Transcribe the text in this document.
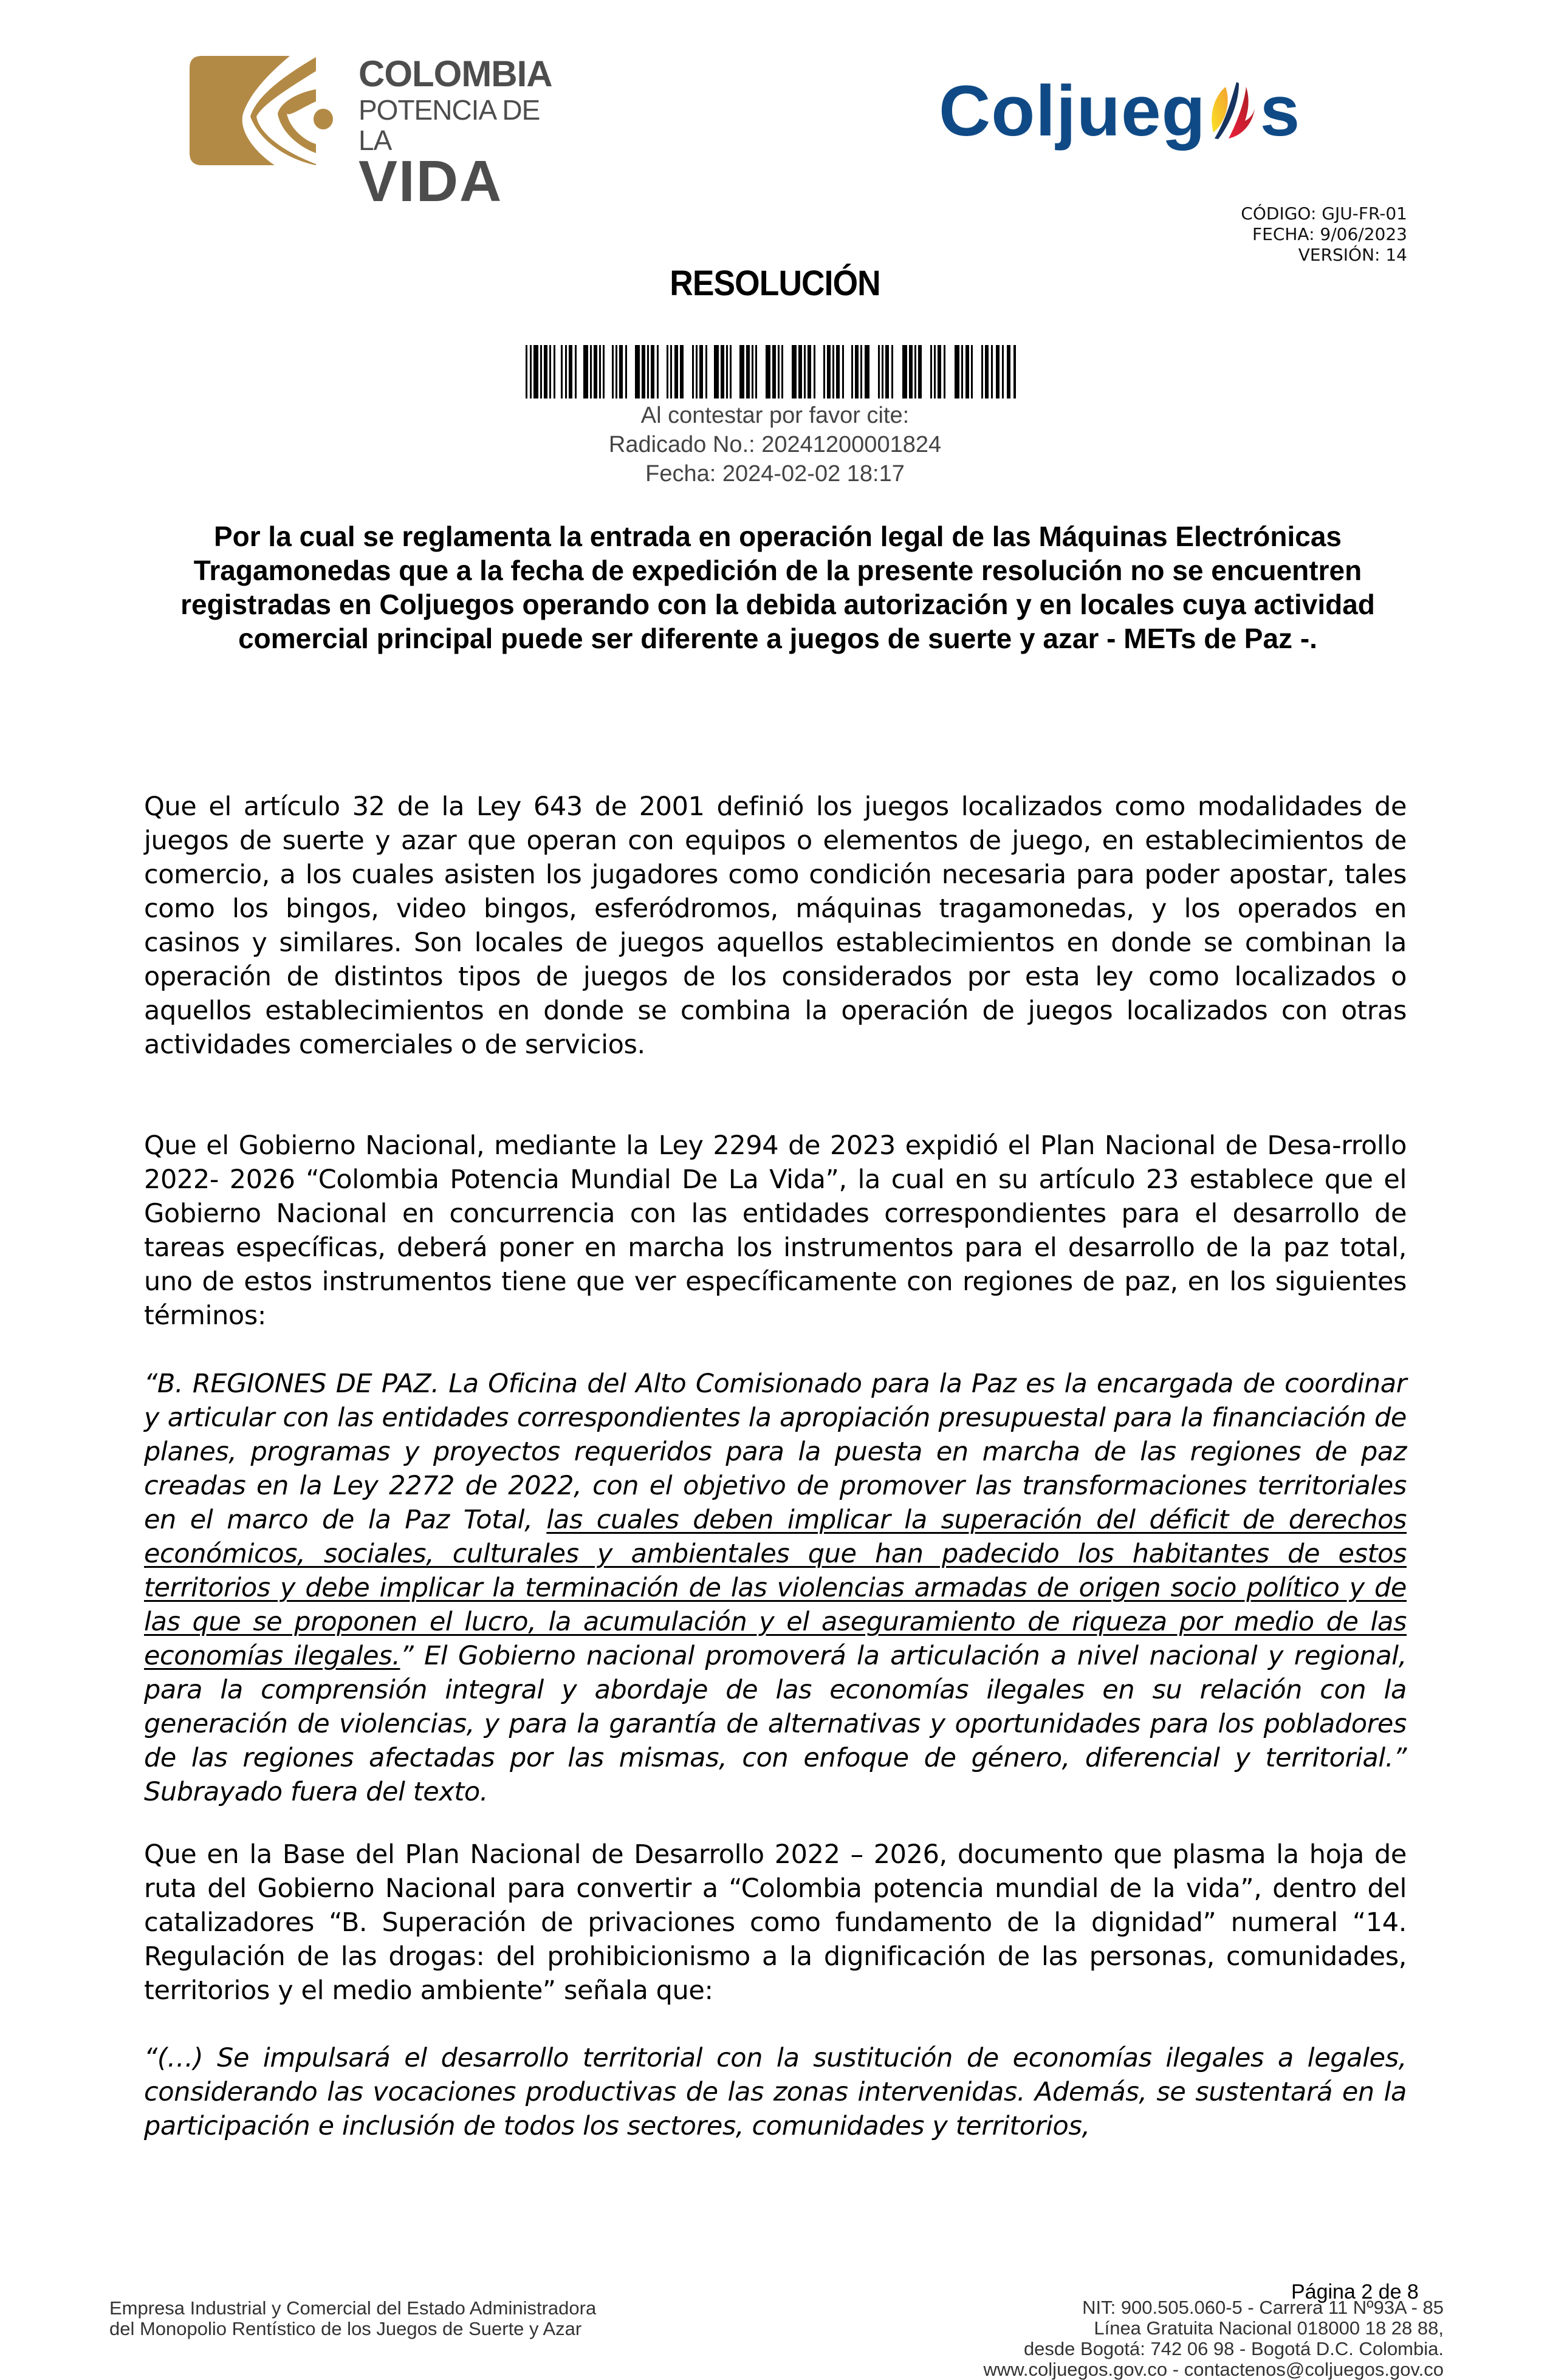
COLOMBIA
POTENCIA DE LA
VIDA
Coljueg s
CÓDIGO: GJU-FR-01
FECHA: 9/06/2023
VERSIÓN: 14
RESOLUCIÓN
Al contestar por favor cite:
Radicado No.: 20241200001824
Fecha: 2024-02-02 18:17
Por la cual se reglamenta la entrada en operación legal de las Máquinas Electrónicas Tragamonedas que a la fecha de expedición de la presente resolución no se encuentren registradas en Coljuegos operando con la debida autorización y en locales cuya actividad comercial principal puede ser diferente a juegos de suerte y azar - METs de Paz -.
Que el artículo 32 de la Ley 643 de 2001 definió los juegos localizados como modalidades de juegos de suerte y azar que operan con equipos o elementos de juego, en establecimientos de comercio, a los cuales asisten los jugadores como condición necesaria para poder apostar, tales como los bingos, video bingos, esferódromos, máquinas tragamonedas, y los operados en casinos y similares. Son locales de juegos aquellos establecimientos en donde se combinan la operación de distintos tipos de juegos de los considerados por esta ley como localizados o aquellos establecimientos en donde se combina la operación de juegos localizados con otras actividades comerciales o de servicios.
Que el Gobierno Nacional, mediante la Ley 2294 de 2023 expidió el Plan Nacional de Desa-rrollo 2022- 2026 “Colombia Potencia Mundial De La Vida”, la cual en su artículo 23 establece que el Gobierno Nacional en concurrencia con las entidades correspondientes para el desarrollo de tareas específicas, deberá poner en marcha los instrumentos para el desarrollo de la paz total, uno de estos instrumentos tiene que ver específicamente con regiones de paz, en los siguientes términos:
“B. REGIONES DE PAZ. La Oficina del Alto Comisionado para la Paz es la encargada de coordinar y articular con las entidades correspondientes la apropiación presupuestal para la financiación de planes, programas y proyectos requeridos para la puesta en marcha de las regiones de paz creadas en la Ley 2272 de 2022, con el objetivo de promover las transformaciones territoriales en el marco de la Paz Total, las cuales deben implicar la superación del déficit de derechos económicos, sociales, culturales y ambientales que han padecido los habitantes de estos territorios y debe implicar la terminación de las violencias armadas de origen socio político y de las que se proponen el lucro, la acumulación y el aseguramiento de riqueza por medio de las economías ilegales.” El Gobierno nacional promoverá la articulación a nivel nacional y regional, para la comprensión integral y abordaje de las economías ilegales en su relación con la generación de violencias, y para la garantía de alternativas y oportunidades para los pobladores de las regiones afectadas por las mismas, con enfoque de género, diferencial y territorial.” Subrayado fuera del texto.
Que en la Base del Plan Nacional de Desarrollo 2022 – 2026, documento que plasma la hoja de ruta del Gobierno Nacional para convertir a “Colombia potencia mundial de la vida”, dentro del catalizadores “B. Superación de privaciones como fundamento de la dignidad” numeral “14. Regulación de las drogas: del prohibicionismo a la dignificación de las personas, comunidades, territorios y el medio ambiente” señala que:
“(…) Se impulsará el desarrollo territorial con la sustitución de economías ilegales a legales, considerando las vocaciones productivas de las zonas intervenidas. Además, se sustentará en la participación e inclusión de todos los sectores, comunidades y territorios,
Empresa Industrial y Comercial del Estado Administradora
del Monopolio Rentístico de los Juegos de Suerte y Azar
Página 2 de 8
NIT: 900.505.060-5 - Carrera 11 Nº93A - 85
Línea Gratuita Nacional 018000 18 28 88,
desde Bogotá: 742 06 98 - Bogotá D.C. Colombia.
www.coljuegos.gov.co - contactenos@coljuegos.gov.co
